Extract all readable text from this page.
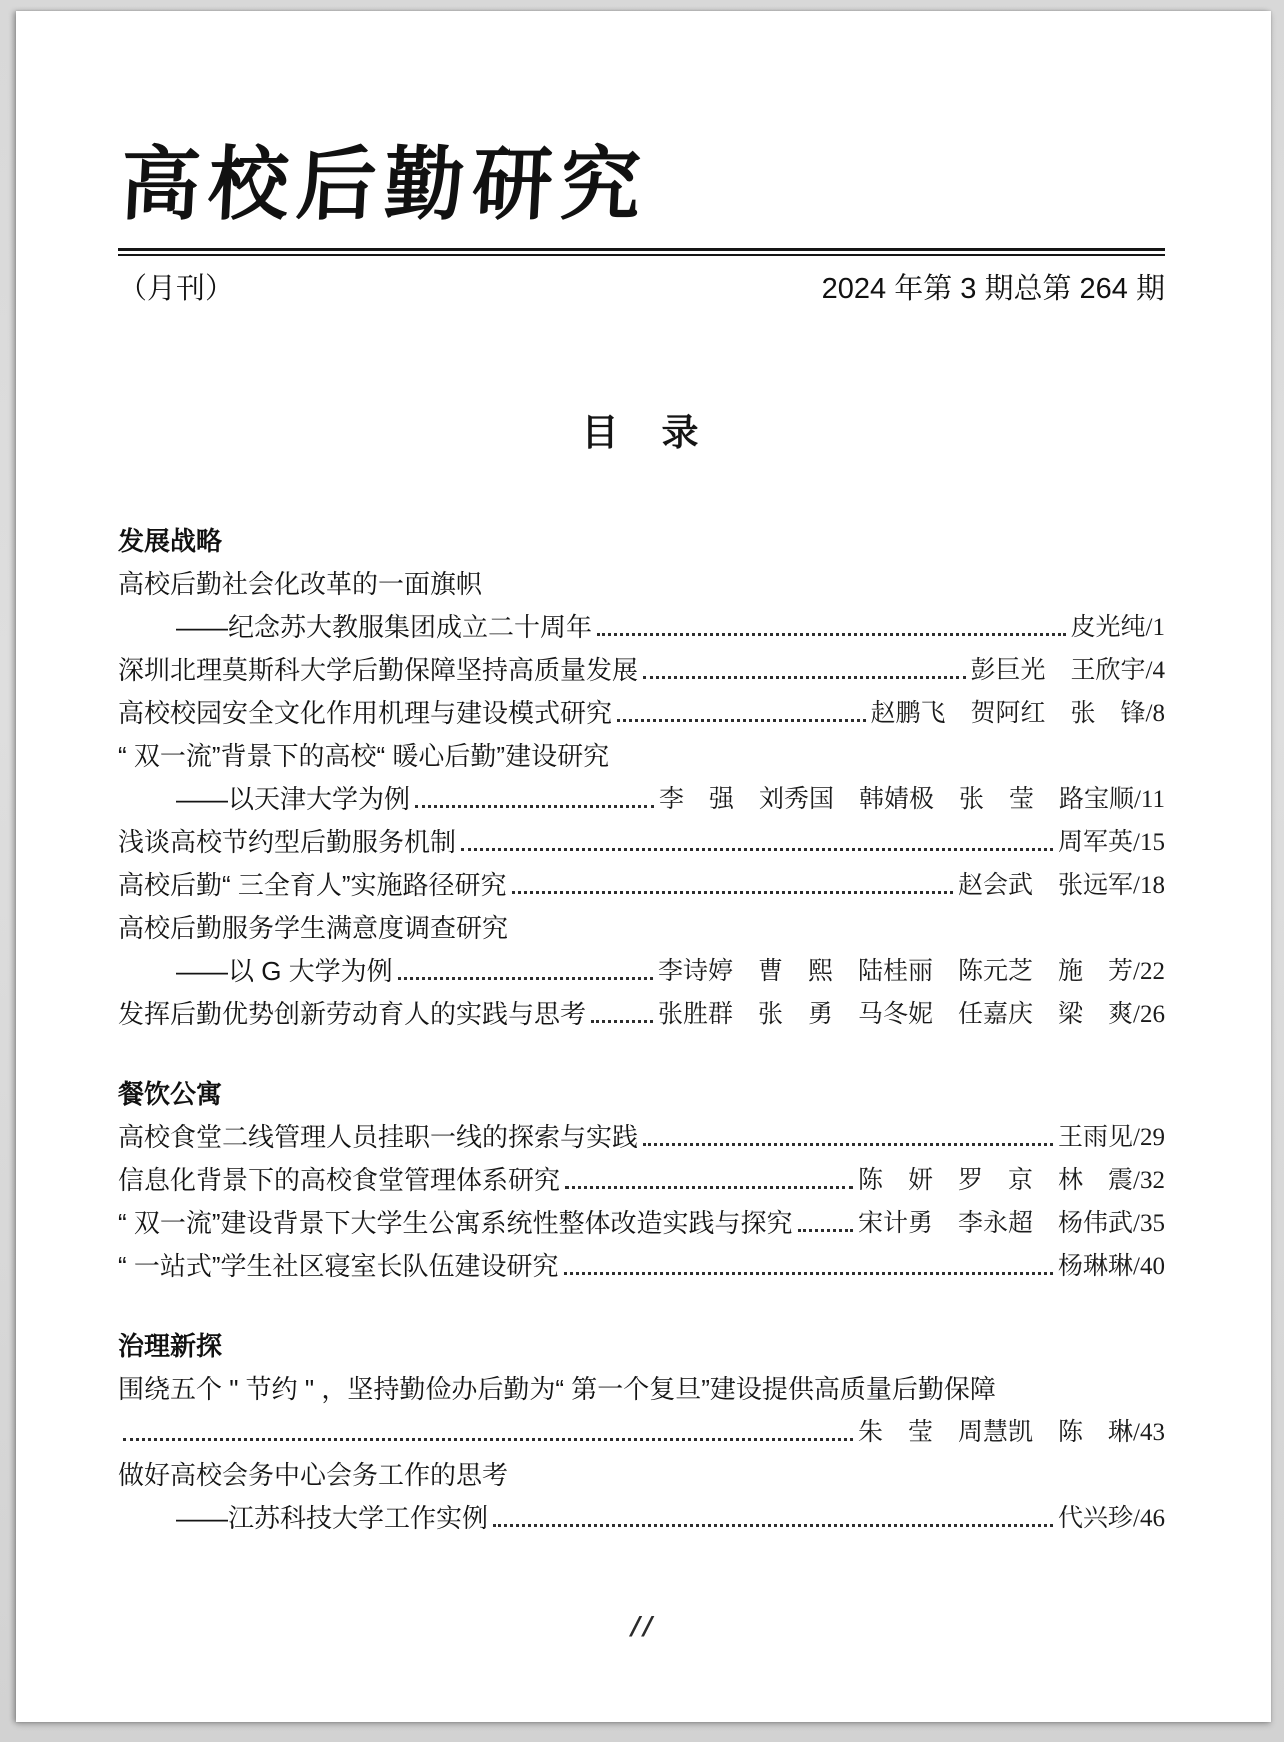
高校后勤研究
（月刊）	2024 年第 3 期总第 264 期
目　录
发展战略
高校后勤社会化改革的一面旗帜
——纪念苏大教服集团成立二十周年	皮光纯/1
深圳北理莫斯科大学后勤保障坚持高质量发展	彭巨光　王欣宇/4
高校校园安全文化作用机理与建设模式研究	赵鹏飞　贺阿红　张　锋/8
“ 双一流”背景下的高校“ 暖心后勤”建设研究
——以天津大学为例	李　强　刘秀国　韩婧极　张　莹　路宝顺/11
浅谈高校节约型后勤服务机制	周军英/15
高校后勤“ 三全育人”实施路径研究	赵会武　张远军/18
高校后勤服务学生满意度调查研究
——以 G 大学为例	李诗婷　曹　熙　陆桂丽　陈元芝　施　芳/22
发挥后勤优势创新劳动育人的实践与思考	张胜群　张　勇　马冬妮　任嘉庆　梁　爽/26
餐饮公寓
高校食堂二线管理人员挂职一线的探索与实践	王雨见/29
信息化背景下的高校食堂管理体系研究	陈　妍　罗　京　林　震/32
“ 双一流”建设背景下大学生公寓系统性整体改造实践与探究	宋计勇　李永超　杨伟武/35
“ 一站式”学生社区寝室长队伍建设研究	杨琳琳/40
治理新探
围绕五个 " 节约 " ，坚持勤俭办后勤为“ 第一个复旦”建设提供高质量后勤保障
朱　莹　周慧凯　陈　琳/43
做好高校会务中心会务工作的思考
——江苏科技大学工作实例	代兴珍/46
//
